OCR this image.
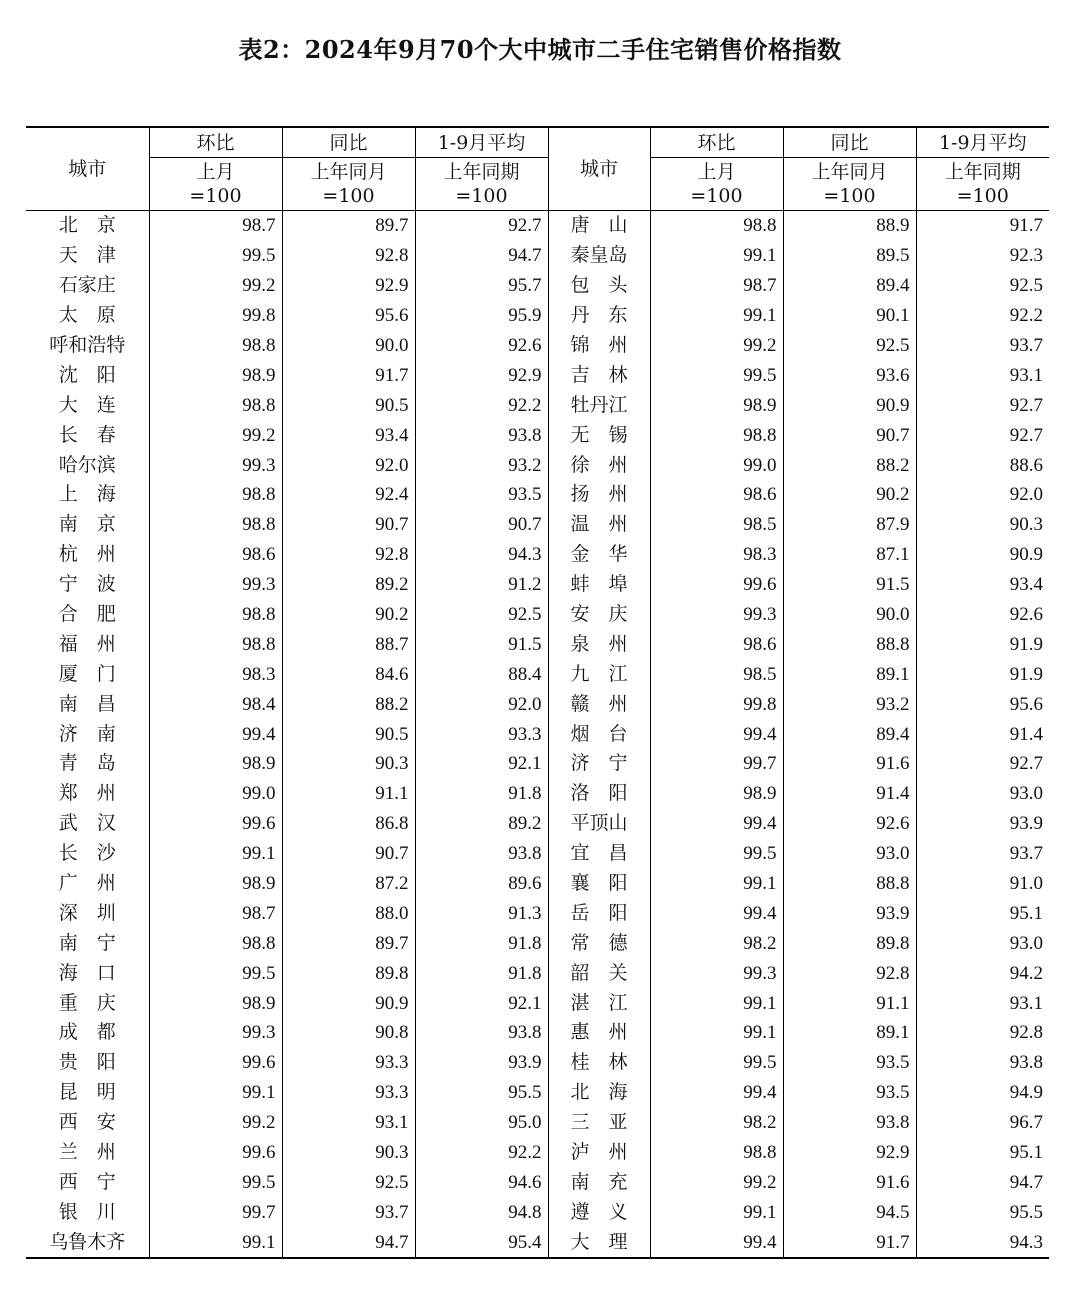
表2：2024年9月70个大中城市二手住宅销售价格指数
城市	环比	同比	1-9月平均	城市	环比	同比	1-9月平均
	上月	上年同月	上年同期		上月	上年同月	上年同期
	=100	=100	=100		=100	=100	=100
北　京	98.7	89.7	92.7	唐　山	98.8	88.9	91.7
天　津	99.5	92.8	94.7	秦皇岛	99.1	89.5	92.3
石家庄	99.2	92.9	95.7	包　头	98.7	89.4	92.5
太　原	99.8	95.6	95.9	丹　东	99.1	90.1	92.2
呼和浩特	98.8	90.0	92.6	锦　州	99.2	92.5	93.7
沈　阳	98.9	91.7	92.9	吉　林	99.5	93.6	93.1
大　连	98.8	90.5	92.2	牡丹江	98.9	90.9	92.7
长　春	99.2	93.4	93.8	无　锡	98.8	90.7	92.7
哈尔滨	99.3	92.0	93.2	徐　州	99.0	88.2	88.6
上　海	98.8	92.4	93.5	扬　州	98.6	90.2	92.0
南　京	98.8	90.7	90.7	温　州	98.5	87.9	90.3
杭　州	98.6	92.8	94.3	金　华	98.3	87.1	90.9
宁　波	99.3	89.2	91.2	蚌　埠	99.6	91.5	93.4
合　肥	98.8	90.2	92.5	安　庆	99.3	90.0	92.6
福　州	98.8	88.7	91.5	泉　州	98.6	88.8	91.9
厦　门	98.3	84.6	88.4	九　江	98.5	89.1	91.9
南　昌	98.4	88.2	92.0	赣　州	99.8	93.2	95.6
济　南	99.4	90.5	93.3	烟　台	99.4	89.4	91.4
青　岛	98.9	90.3	92.1	济　宁	99.7	91.6	92.7
郑　州	99.0	91.1	91.8	洛　阳	98.9	91.4	93.0
武　汉	99.6	86.8	89.2	平顶山	99.4	92.6	93.9
长　沙	99.1	90.7	93.8	宜　昌	99.5	93.0	93.7
广　州	98.9	87.2	89.6	襄　阳	99.1	88.8	91.0
深　圳	98.7	88.0	91.3	岳　阳	99.4	93.9	95.1
南　宁	98.8	89.7	91.8	常　德	98.2	89.8	93.0
海　口	99.5	89.8	91.8	韶　关	99.3	92.8	94.2
重　庆	98.9	90.9	92.1	湛　江	99.1	91.1	93.1
成　都	99.3	90.8	93.8	惠　州	99.1	89.1	92.8
贵　阳	99.6	93.3	93.9	桂　林	99.5	93.5	93.8
昆　明	99.1	93.3	95.5	北　海	99.4	93.5	94.9
西　安	99.2	93.1	95.0	三　亚	98.2	93.8	96.7
兰　州	99.6	90.3	92.2	泸　州	98.8	92.9	95.1
西　宁	99.5	92.5	94.6	南　充	99.2	91.6	94.7
银　川	99.7	93.7	94.8	遵　义	99.1	94.5	95.5
乌鲁木齐	99.1	94.7	95.4	大　理	99.4	91.7	94.3
